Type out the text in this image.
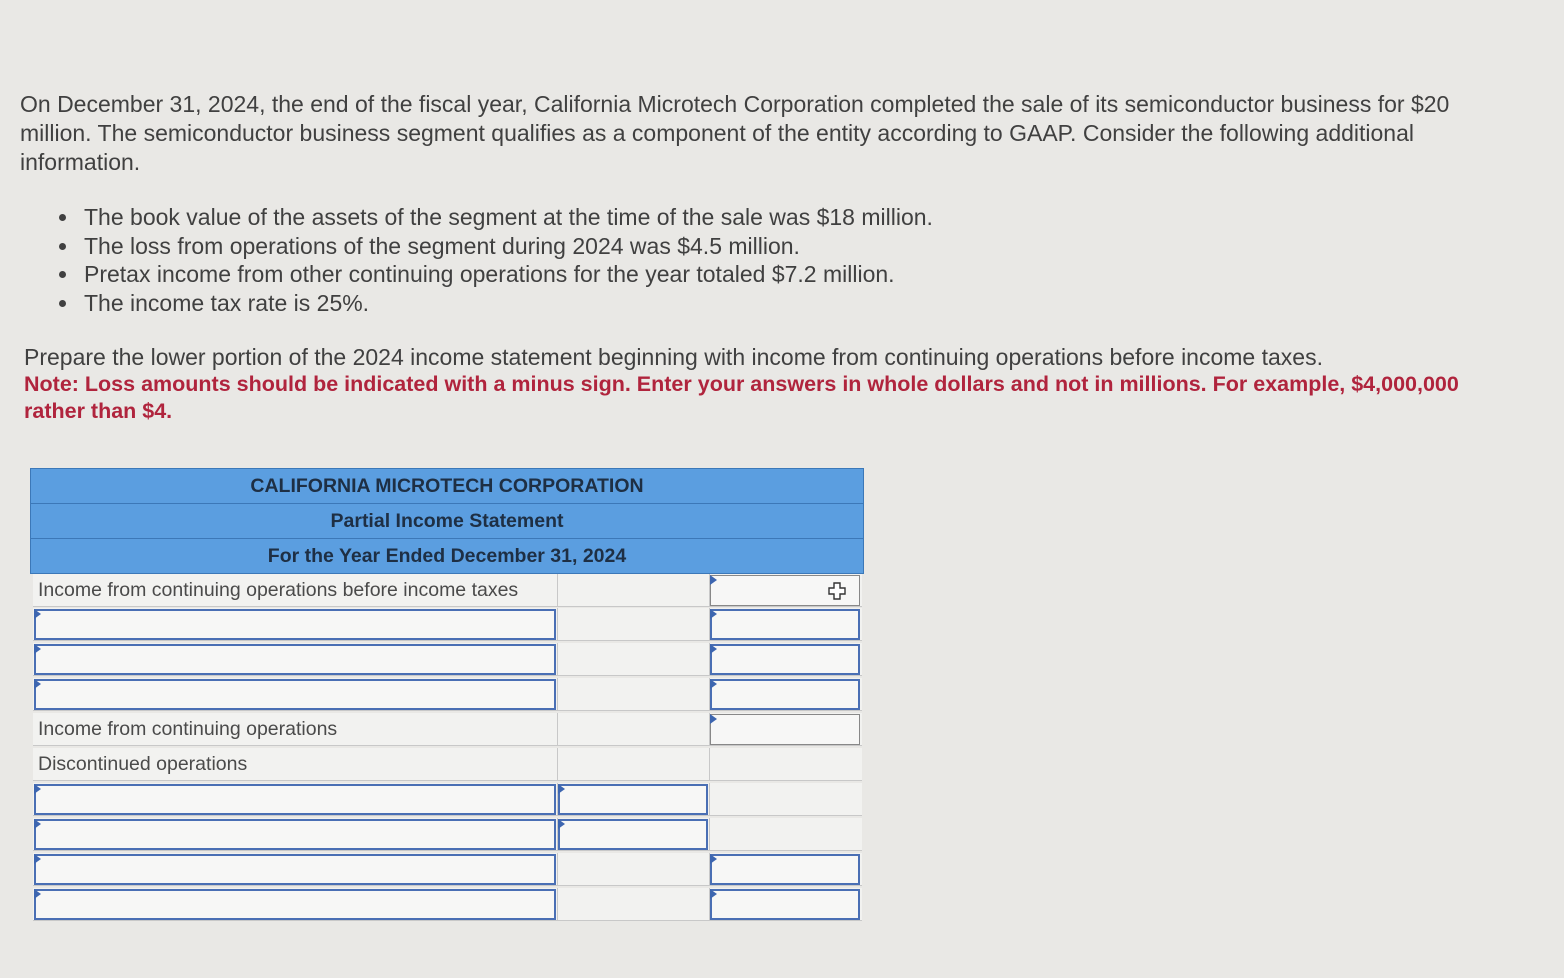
On December 31, 2024, the end of the fiscal year, California Microtech Corporation completed the sale of its semiconductor business for $20 million. The semiconductor business segment qualifies as a component of the entity according to GAAP. Consider the following additional information.
The book value of the assets of the segment at the time of the sale was $18 million.
The loss from operations of the segment during 2024 was $4.5 million.
Pretax income from other continuing operations for the year totaled $7.2 million.
The income tax rate is 25%.
Prepare the lower portion of the 2024 income statement beginning with income from continuing operations before income taxes.
Note: Loss amounts should be indicated with a minus sign. Enter your answers in whole dollars and not in millions. For example, $4,000,000 rather than $4.
CALIFORNIA MICROTECH CORPORATION
Partial Income Statement
For the Year Ended December 31, 2024
Income from continuing operations before income taxes
Income from continuing operations
Discontinued operations
